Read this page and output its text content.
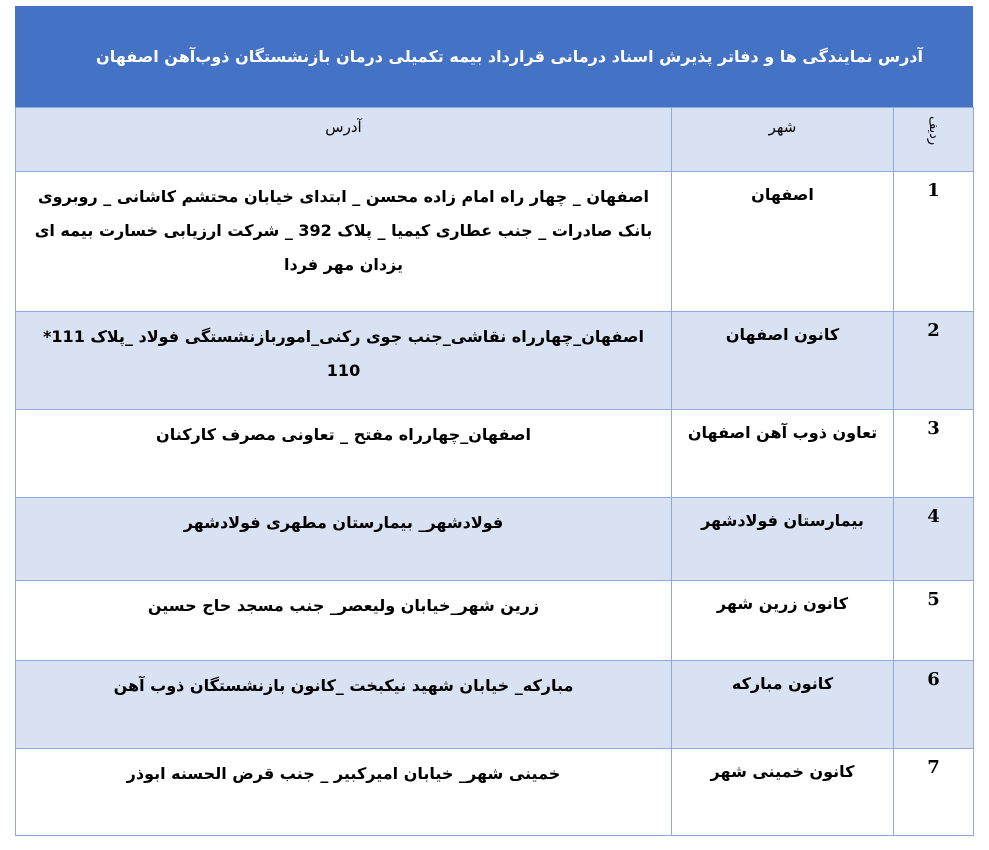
آدرس نمایندگی ها و دفاتر پذیرش اسناد درمانی قرارداد بیمه تکمیلی درمان بازنشستگان ذوب‌آهن اصفهان
ردیف	شهر	آدرس
1	اصفهان	اصفهان _ چهار راه امام زاده محسن _ ابتدای خیابان محتشم کاشانی _ روبروی بانک صادرات _ جنب عطاری کیمیا _ پلاک 392 _ شرکت ارزیابی خسارت بیمه ای یزدان مهر فردا
2	کانون اصفهان	اصفهان_چهارراه نقاشی_جنب جوی رکنی_اموربازنشستگی فولاد _پلاک 111* 110
3	تعاون ذوب آهن اصفهان	اصفهان_چهارراه مفتح _ تعاونی مصرف کارکنان
4	بیمارستان فولادشهر	فولادشهر_ بیمارستان مطهری فولادشهر
5	کانون زرین شهر	زرین شهر_خیابان ولیعصر_ جنب مسجد حاج حسین
6	کانون مبارکه	مبارکه_ خیابان شهید نیکبخت _کانون بازنشستگان ذوب آهن
7	کانون خمینی شهر	خمینی شهر_ خیابان امیرکبیر _ جنب قرض الحسنه ابوذر
